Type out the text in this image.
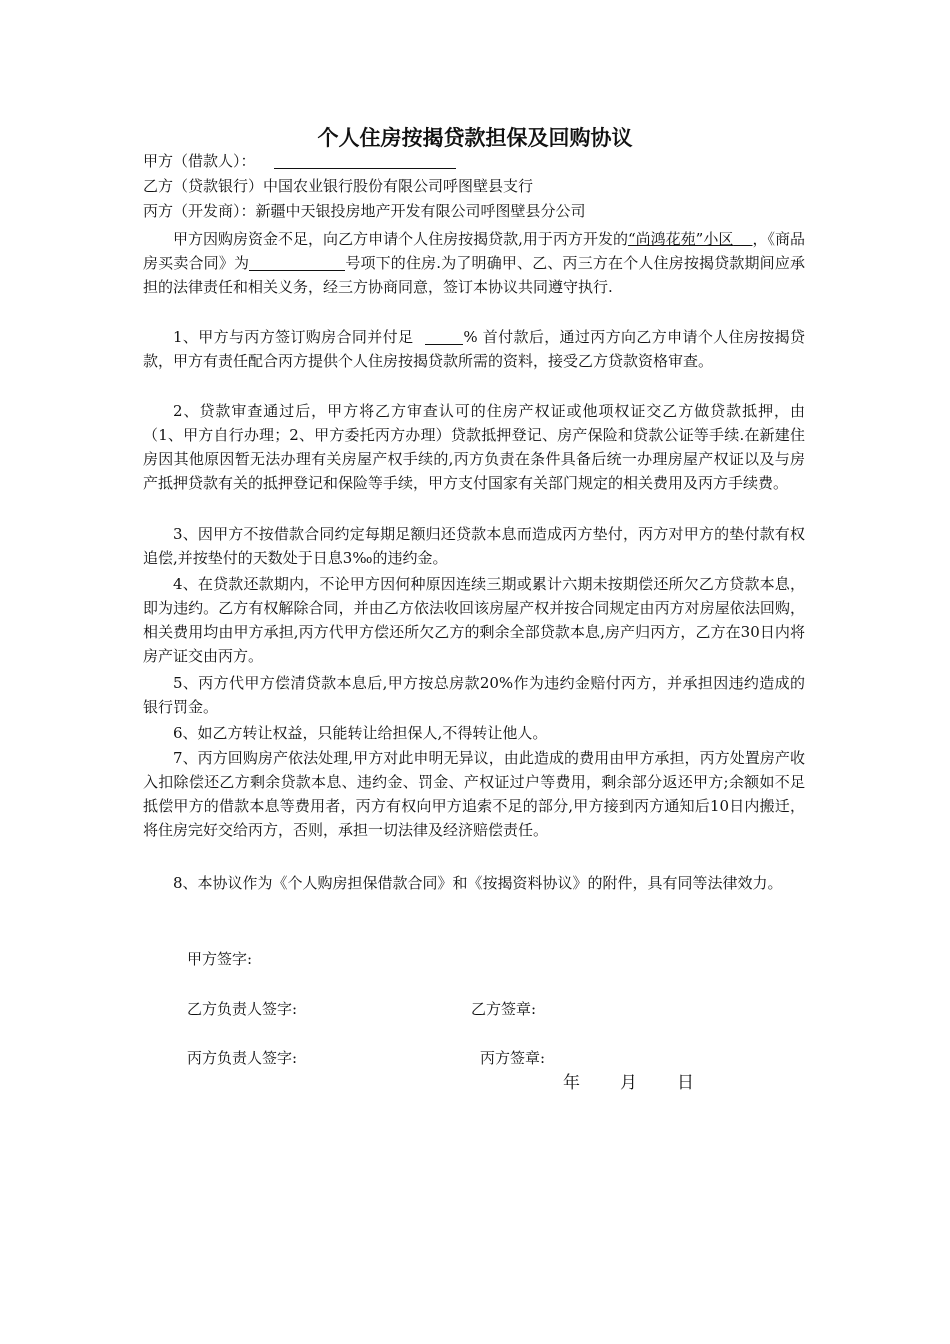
个人住房按揭贷款担保及回购协议
甲方（借款人）：
乙方（贷款银行）中国农业银行股份有限公司呼图壁县支行
丙方（开发商）：新疆中天银投房地产开发有限公司呼图壁县分公司

甲方因购房资金不足，向乙方申请个人住房按揭贷款,用于丙方开发的“尚鸿花苑”小区 ，《商品房买卖合同》为	号项下的住房.为了明确甲、乙、丙三方在个人住房按揭贷款期间应承担的法律责任和相关义务，经三方协商同意，签订本协议共同遵守执行.

1、甲方与丙方签订购房合同并付足	% 首付款后，通过丙方向乙方申请个人住房按揭贷款，甲方有责任配合丙方提供个人住房按揭贷款所需的资料，接受乙方贷款资格审查。

2、贷款审查通过后，甲方将乙方审查认可的住房产权证或他项权证交乙方做贷款抵押，由（1、甲方自行办理；2、甲方委托丙方办理）贷款抵押登记、房产保险和贷款公证等手续.在新建住房因其他原因暂无法办理有关房屋产权手续的,丙方负责在条件具备后统一办理房屋产权证以及与房产抵押贷款有关的抵押登记和保险等手续，甲方支付国家有关部门规定的相关费用及丙方手续费。

3、因甲方不按借款合同约定每期足额归还贷款本息而造成丙方垫付，丙方对甲方的垫付款有权追偿,并按垫付的天数处于日息3‰的违约金。

4、在贷款还款期内，不论甲方因何种原因连续三期或累计六期未按期偿还所欠乙方贷款本息，即为违约。乙方有权解除合同，并由乙方依法收回该房屋产权并按合同规定由丙方对房屋依法回购，相关费用均由甲方承担,丙方代甲方偿还所欠乙方的剩余全部贷款本息,房产归丙方，乙方在30日内将房产证交由丙方。

5、丙方代甲方偿清贷款本息后,甲方按总房款20%作为违约金赔付丙方，并承担因违约造成的银行罚金。

6、如乙方转让权益，只能转让给担保人,不得转让他人。

7、丙方回购房产依法处理,甲方对此申明无异议，由此造成的费用由甲方承担，丙方处置房产收入扣除偿还乙方剩余贷款本息、违约金、罚金、产权证过户等费用，剩余部分返还甲方;余额如不足抵偿甲方的借款本息等费用者，丙方有权向甲方追索不足的部分,甲方接到丙方通知后10日内搬迁，将住房完好交给丙方，否则，承担一切法律及经济赔偿责任。

8、本协议作为《个人购房担保借款合同》和《按揭资料协议》的附件，具有同等法律效力。

甲方签字:
乙方负责人签字:	乙方签章:
丙方负责人签字:	丙方签章:
年 月 日
